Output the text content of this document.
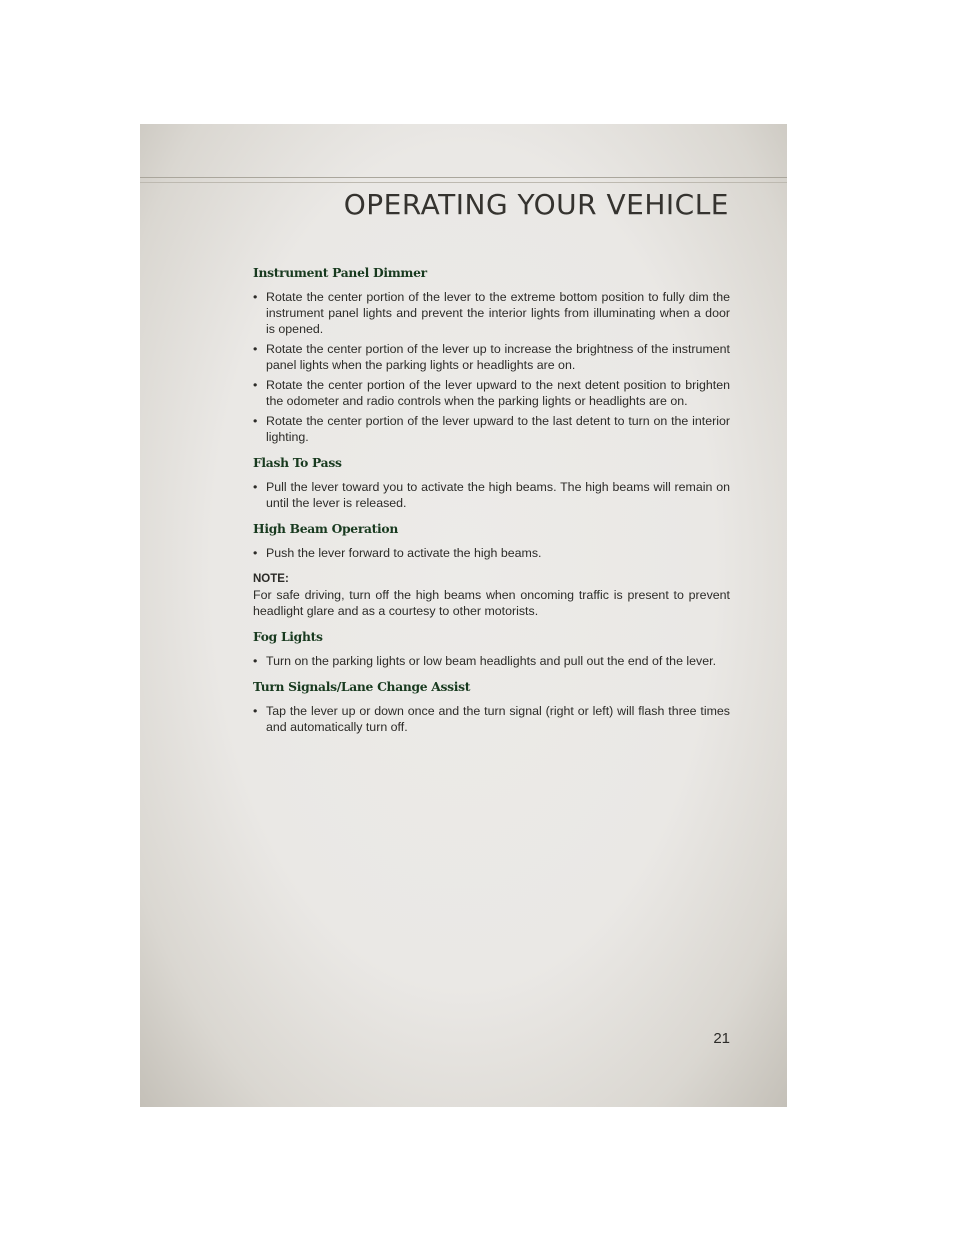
OPERATING YOUR VEHICLE
Instrument Panel Dimmer
• Rotate the center portion of the lever to the extreme bottom position to fully dim the instrument panel lights and prevent the interior lights from illuminating when a door is opened.
• Rotate the center portion of the lever up to increase the brightness of the instrument panel lights when the parking lights or headlights are on.
• Rotate the center portion of the lever upward to the next detent position to brighten the odometer and radio controls when the parking lights or headlights are on.
• Rotate the center portion of the lever upward to the last detent to turn on the interior lighting.
Flash To Pass
• Pull the lever toward you to activate the high beams. The high beams will remain on until the lever is released.
High Beam Operation
• Push the lever forward to activate the high beams.
NOTE:
For safe driving, turn off the high beams when oncoming traffic is present to prevent headlight glare and as a courtesy to other motorists.
Fog Lights
• Turn on the parking lights or low beam headlights and pull out the end of the lever.
Turn Signals/Lane Change Assist
• Tap the lever up or down once and the turn signal (right or left) will flash three times and automatically turn off.
21
